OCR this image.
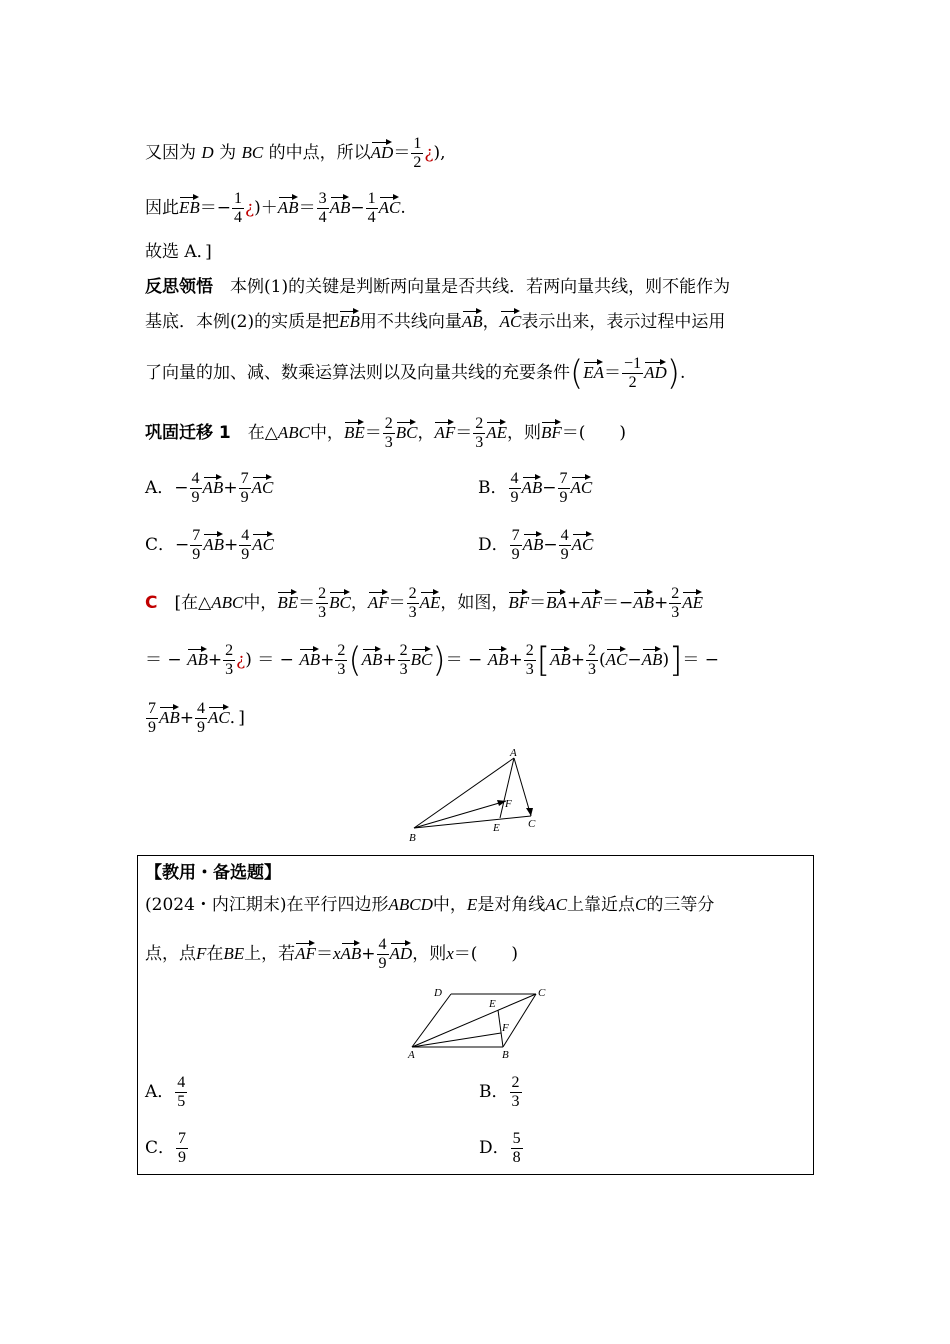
又因为 D 为 BC 的中点，所以$AD= \frac{1}{2}$ ¿),
因此$EB=- \frac{1}{4}$ ¿)$+AB= \frac{3}{4} AB- \frac{1}{4}$ AC.
故选 A．]
反思领悟　 本例(1)的关键是判断两向量是否共线．若两向量共线，则不能作为
基底．本例(2)的实质是把EB用不共线向量AB，AC表示出来，表示过程中运用
了向量的加、减、数乘运算法则以及向量共线的充要条件$(EA= \frac{-1}{2} AD)$.
巩固迁移 1　 在△ABC中，$BE= \frac{2}{3}$ BC，$AF= \frac{2}{3}$ AE，则BF＝(　　)
A．− $\frac{4}{9} AB+ \frac{7}{9}$ AC	B． $\frac{4}{9} AB- \frac{7}{9}$ AC
C．− $\frac{7}{9} AB+ \frac{4}{9}$ AC	D． $\frac{7}{9} AB- \frac{4}{9}$ AC
C　 [在△ABC中，$BE= \frac{2}{3}$ BC，$AF= \frac{2}{3}$ AE，如图，$BF=BA+AF=-AB+ \frac{2}{3}$ AE
＝ − $AB+ \frac{2}{3}$ ¿) ＝ − $AB+ \frac{2}{3} (AB+ \frac{2}{3} BC)= - AB+ \frac{2}{3} [AB+ \frac{2}{3} (AC-AB)]=$ −
$\frac{7}{9} AB+ \frac{4}{9}$ AC．]
A
B
C
E
F
【教用・备选题】
(2024・内江期末)在平行四边形ABCD中，E是对角线AC上靠近点C的三等分
点，点F在BE上，若$AF=xAB+ \frac{4}{9}$ AD，则x＝(　　)
A	B
C
D
E
F
A． $\frac{4}{5}$	B． $\frac{2}{3}$
C． $\frac{7}{9}$	D． $\frac{5}{8}$
